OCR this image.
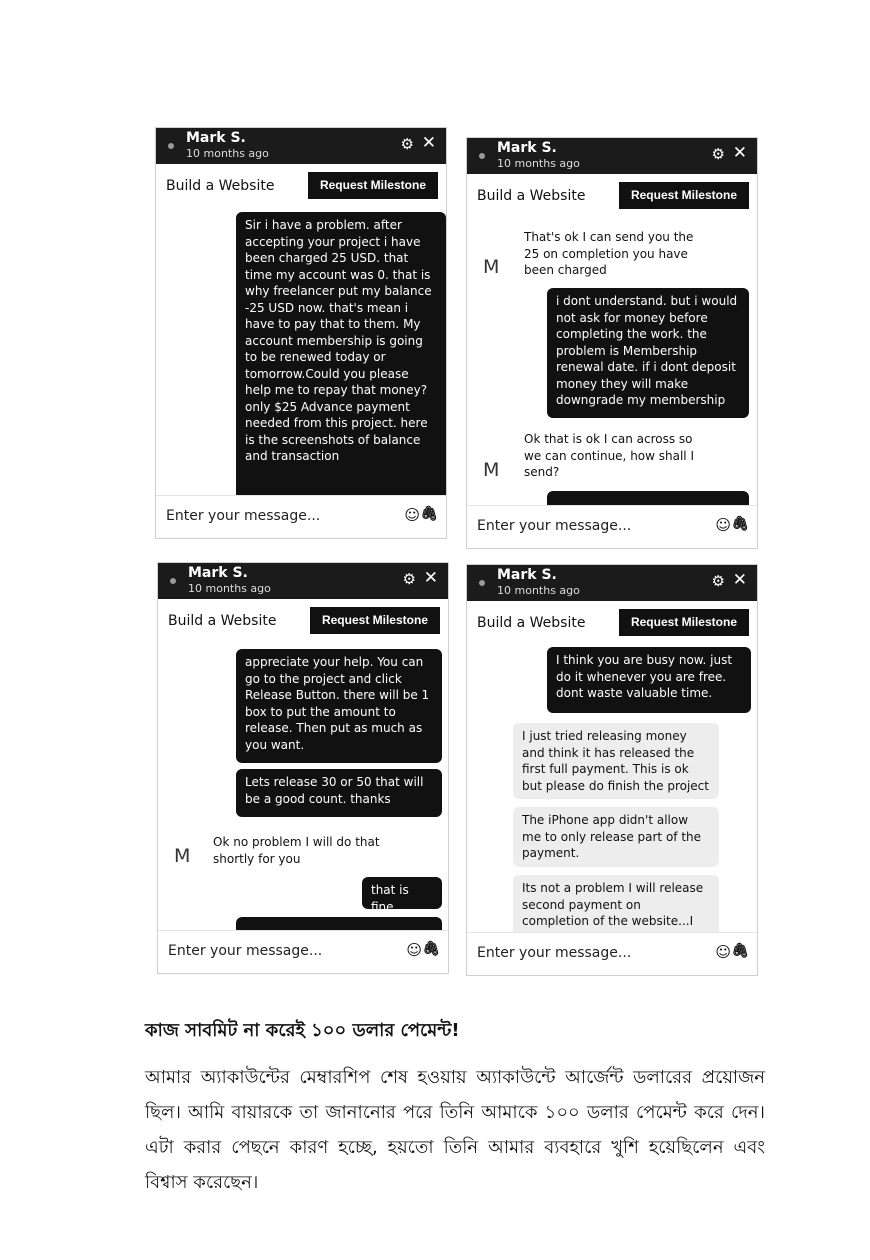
Mark S.
10 months ago
⚙ ✕
Build a Website	Request Milestone
Sir i have a problem. after accepting your project i have been charged 25 USD. that time my account was 0. that is why freelancer put my balance -25 USD now. that's mean i have to pay that to them. My account membership is going to be renewed today or tomorrow.Could you please help me to repay that money? only $25 Advance payment needed from this project. here is the screenshots of balance and transaction
Enter your message...	☺ 🖇
Mark S.
10 months ago
⚙ ✕
Build a Website	Request Milestone
M
That's ok I can send you the 25 on completion you have been charged
i dont understand. but i would not ask for money before completing the work. the problem is Membership renewal date. if i dont deposit money they will make downgrade my membership
M
Ok that is ok I can across so we can continue, how shall I send?
Enter your message...	☺ 🖇
Mark S.
10 months ago
⚙ ✕
Build a Website	Request Milestone
appreciate your help. You can go to the project and click Release Button. there will be 1 box to put the amount to release. Then put as much as you want.
Lets release 30 or 50 that will be a good count. thanks
M
Ok no problem I will do that shortly for you
that is fine
Enter your message...	☺ 🖇
Mark S.
10 months ago
⚙ ✕
Build a Website	Request Milestone
I think you are busy now. just do it whenever you are free. dont waste valuable time.
I just tried releasing money and think it has released the first full payment. This is ok but please do finish the project
The iPhone app didn't allow me to only release part of the payment.
Its not a problem I will release second payment on completion of the website...I
Enter your message...	☺ 🖇
কাজ সাবমিট না করেই ১০০ ডলার পেমেন্ট!
আমার অ্যাকাউন্টের মেম্বারশিপ শেষ হওয়ায় অ্যাকাউন্টে আর্জেন্ট ডলারের প্রয়োজন ছিল। আমি বায়ারকে তা জানানোর পরে তিনি আমাকে ১০০ ডলার পেমেন্ট করে দেন। এটা করার পেছনে কারণ হচ্ছে, হয়তো তিনি আমার ব্যবহারে খুশি হয়েছিলেন এবং বিশ্বাস করেছেন।
